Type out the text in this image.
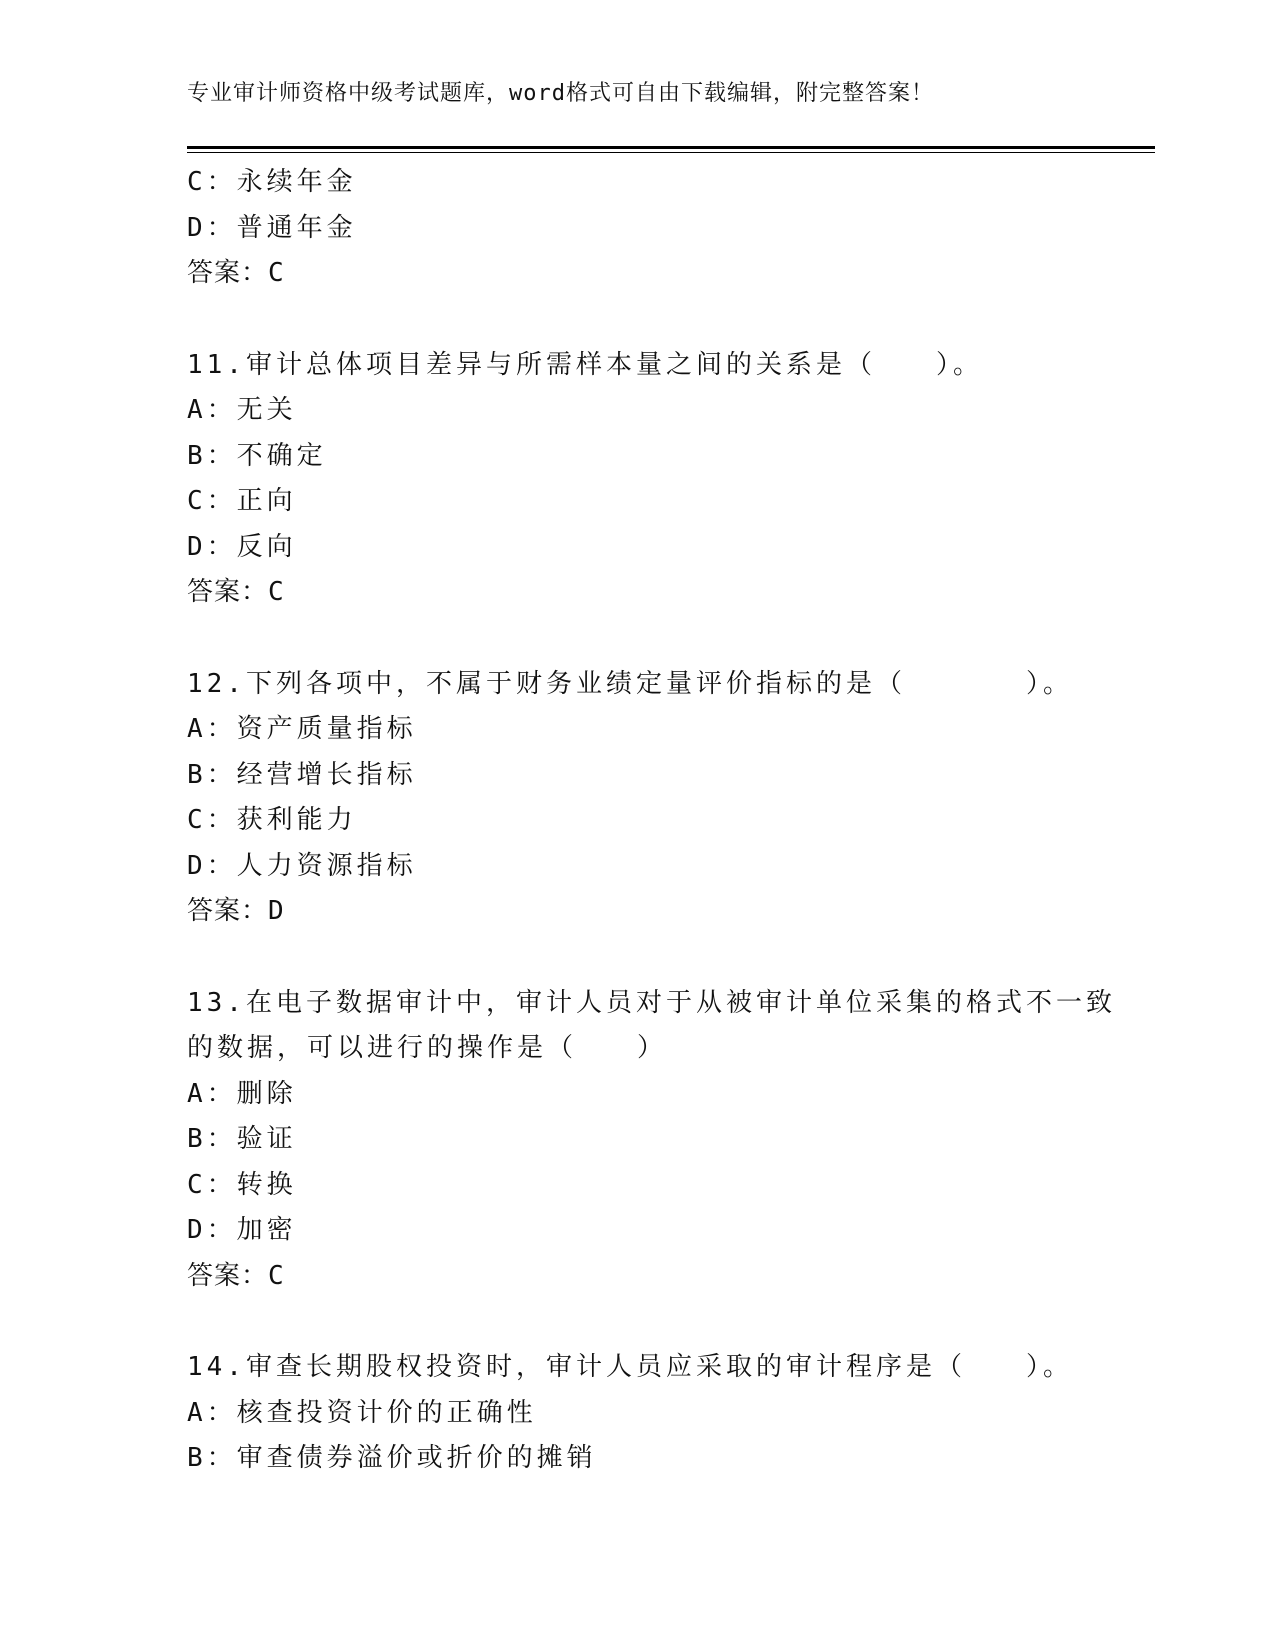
专业审计师资格中级考试题库，word格式可自由下载编辑，附完整答案！
C：永续年金
D：普通年金
答案：C
11.审计总体项目差异与所需样本量之间的关系是（　　）。
A：无关
B：不确定
C：正向
D：反向
答案：C
12.下列各项中，不属于财务业绩定量评价指标的是（　　　　）。
A：资产质量指标
B：经营增长指标
C：获利能力
D：人力资源指标
答案：D
13.在电子数据审计中，审计人员对于从被审计单位采集的格式不一致
的数据，可以进行的操作是（　　）
A：删除
B：验证
C：转换
D：加密
答案：C
14.审查长期股权投资时，审计人员应采取的审计程序是（　　）。
A：核查投资计价的正确性
B：审查债券溢价或折价的摊销
